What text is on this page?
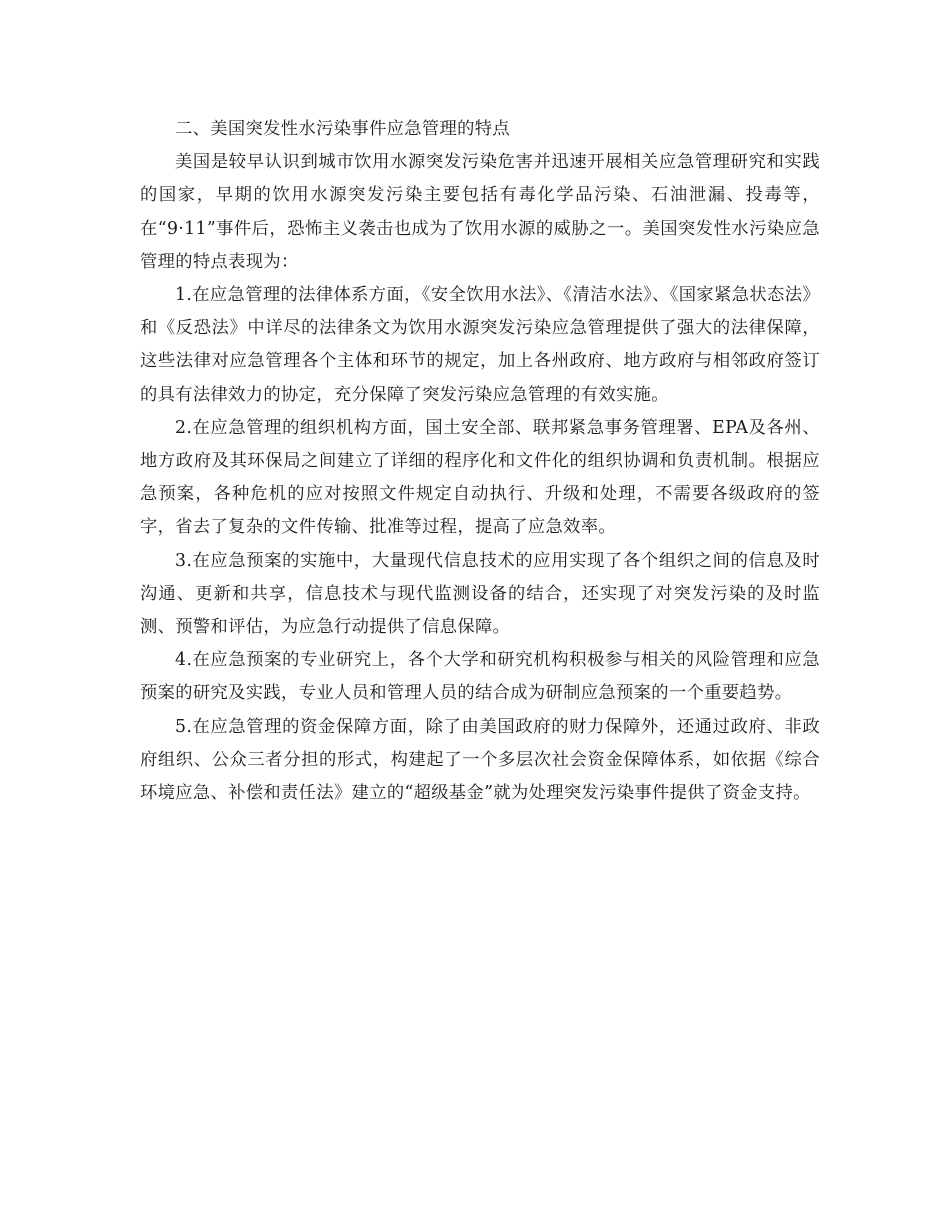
二、美国突发性水污染事件应急管理的特点

美国是较早认识到城市饮用水源突发污染危害并迅速开展相关应急管理研究和实践的国家，早期的饮用水源突发污染主要包括有毒化学品污染、石油泄漏、投毒等，在“9·11”事件后，恐怖主义袭击也成为了饮用水源的威胁之一。美国突发性水污染应急管理的特点表现为：

1.在应急管理的法律体系方面，《安全饮用水法》、《清洁水法》、《国家紧急状态法》和《反恐法》中详尽的法律条文为饮用水源突发污染应急管理提供了强大的法律保障，这些法律对应急管理各个主体和环节的规定，加上各州政府、地方政府与相邻政府签订的具有法律效力的协定，充分保障了突发污染应急管理的有效实施。

2.在应急管理的组织机构方面，国土安全部、联邦紧急事务管理署、EPA及各州、地方政府及其环保局之间建立了详细的程序化和文件化的组织协调和负责机制。根据应急预案，各种危机的应对按照文件规定自动执行、升级和处理，不需要各级政府的签字，省去了复杂的文件传输、批准等过程，提高了应急效率。

3.在应急预案的实施中，大量现代信息技术的应用实现了各个组织之间的信息及时沟通、更新和共享，信息技术与现代监测设备的结合，还实现了对突发污染的及时监测、预警和评估，为应急行动提供了信息保障。

4.在应急预案的专业研究上，各个大学和研究机构积极参与相关的风险管理和应急预案的研究及实践，专业人员和管理人员的结合成为研制应急预案的一个重要趋势。

5.在应急管理的资金保障方面，除了由美国政府的财力保障外，还通过政府、非政府组织、公众三者分担的形式，构建起了一个多层次社会资金保障体系，如依据《综合环境应急、补偿和责任法》建立的“超级基金”就为处理突发污染事件提供了资金支持。
